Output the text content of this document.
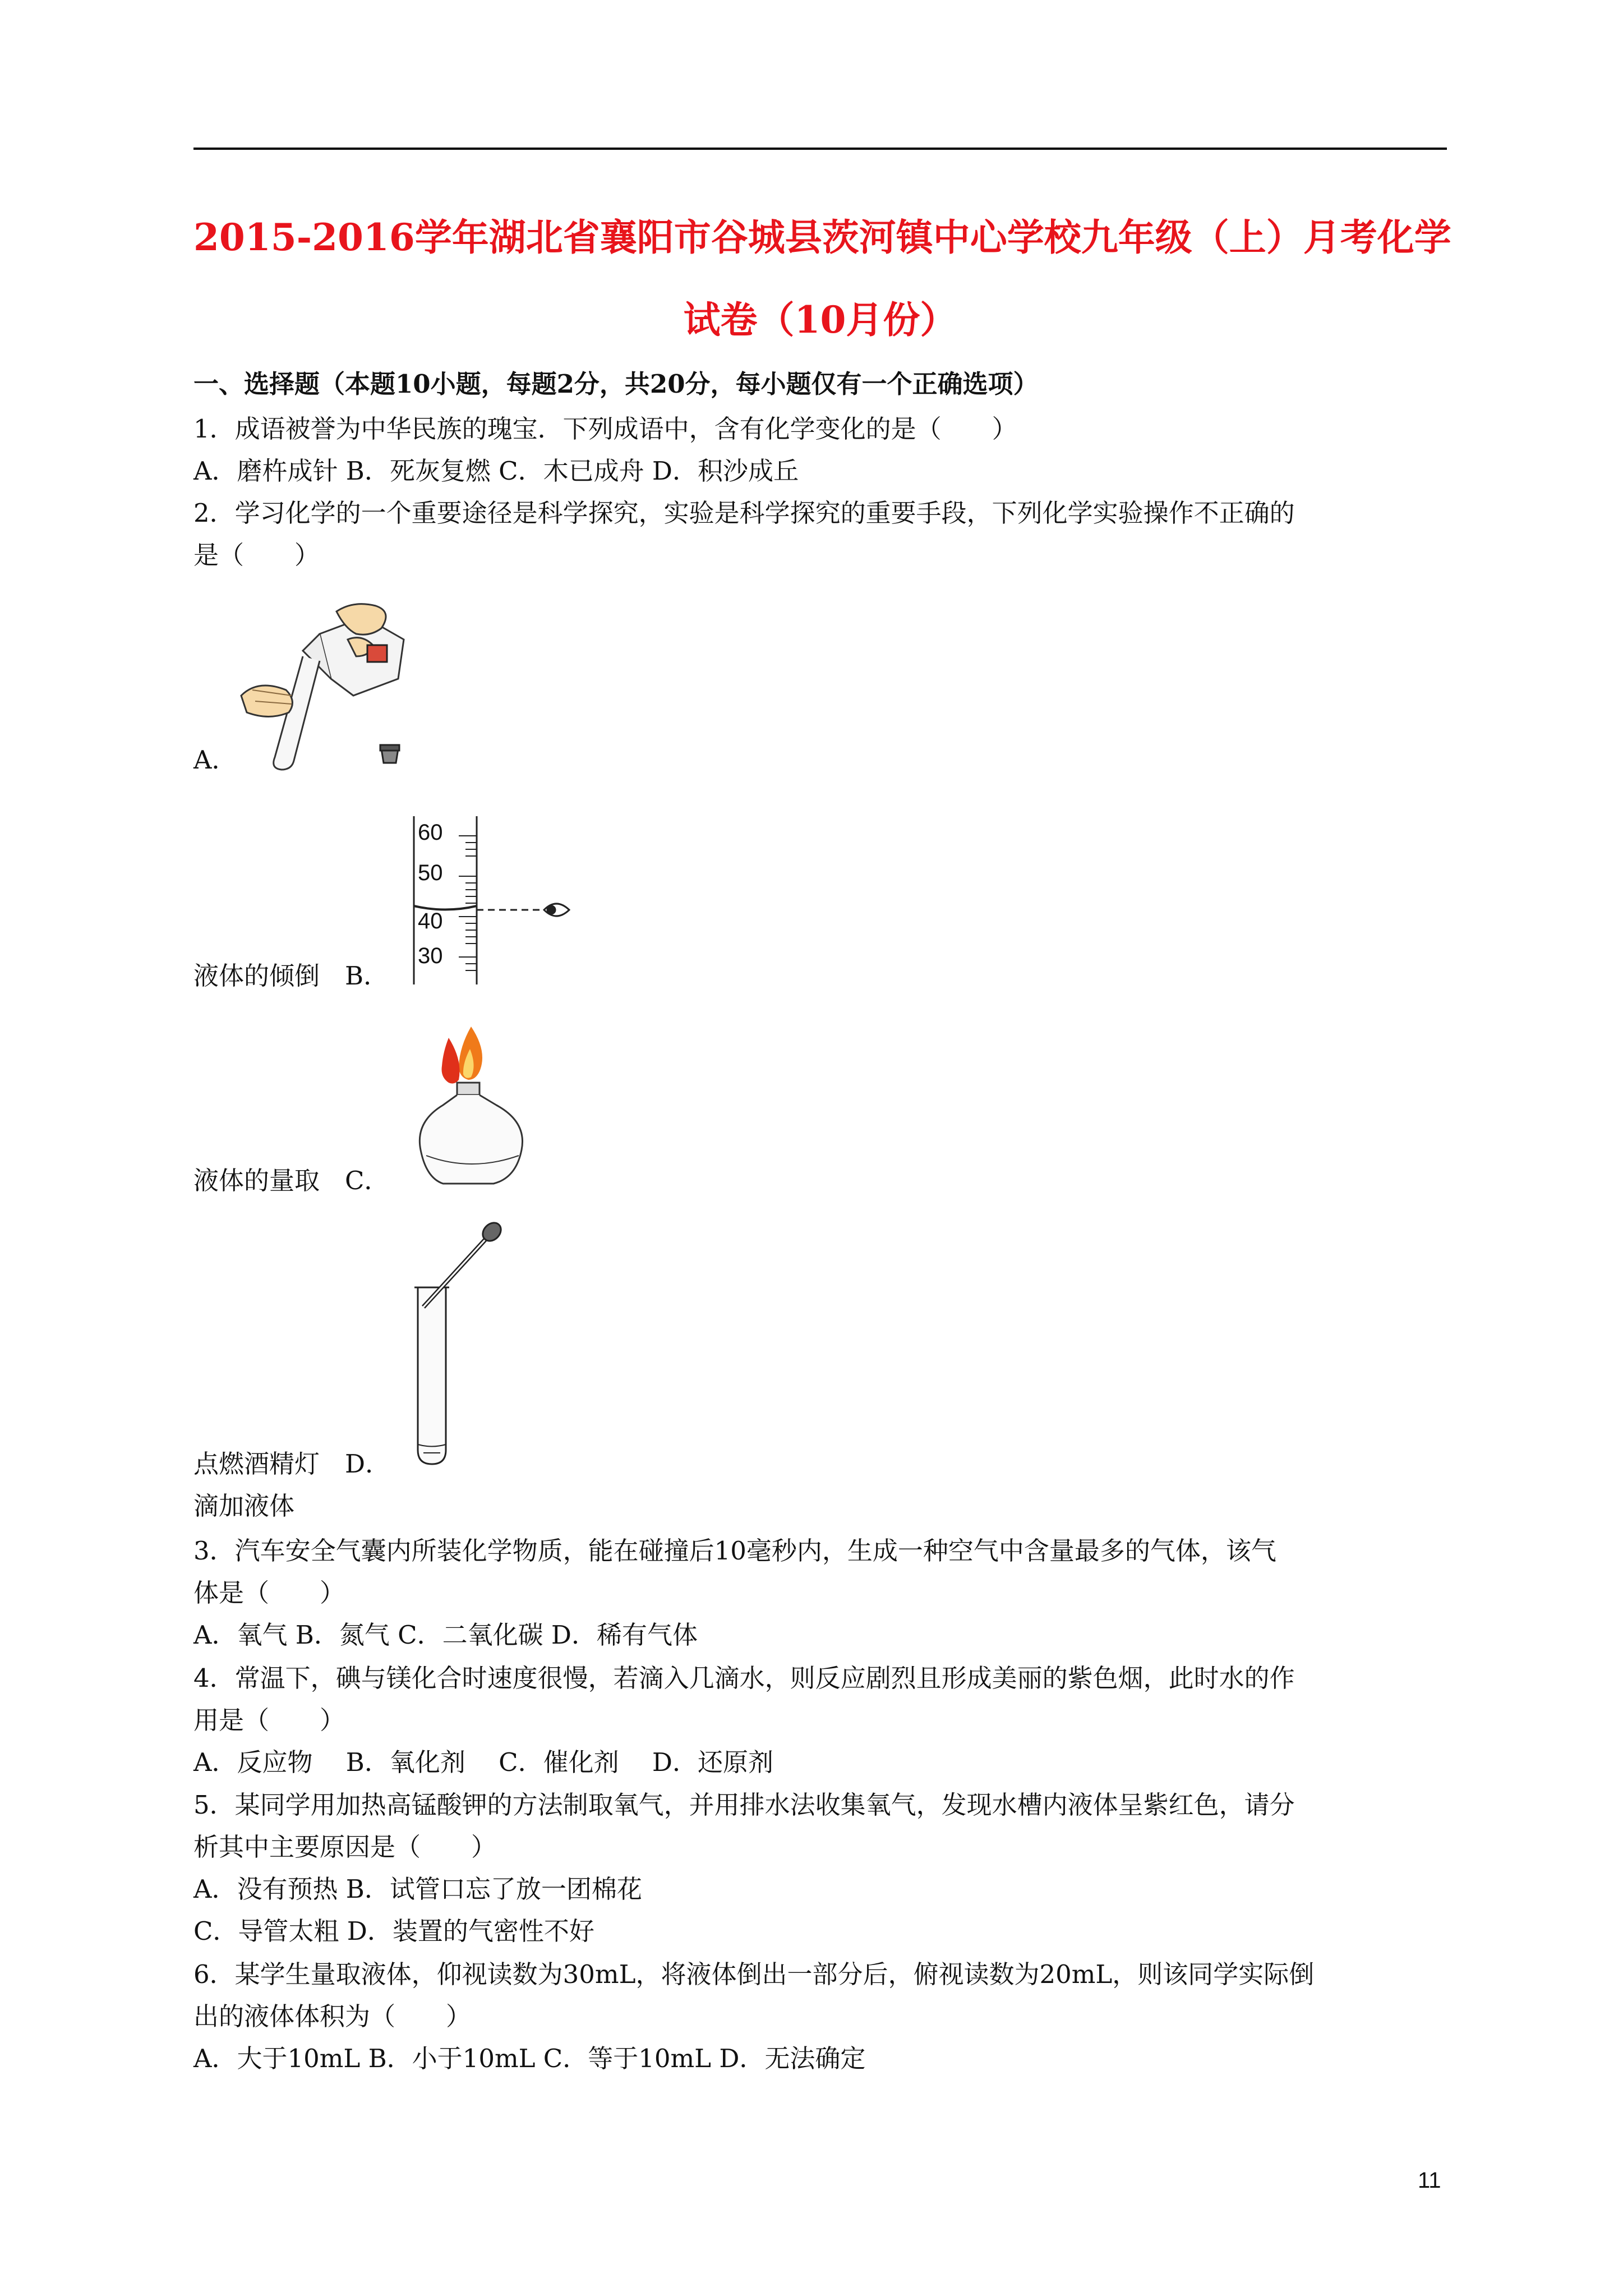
2015-2016学年湖北省襄阳市谷城县茨河镇中心学校九年级（上）月考化学
试卷（10月份）
一、选择题（本题10小题，每题2分，共20分，每小题仅有一个正确选项）
1．成语被誉为中华民族的瑰宝．下列成语中，含有化学变化的是（　　）
A．磨杵成针 B．死灰复燃 C．木已成舟 D．积沙成丘
2．学习化学的一个重要途径是科学探究，实验是科学探究的重要手段，下列化学实验操作不正确的
是（　　）
A．
60
50
40
30
液体的倾倒　B．
液体的量取　C．
点燃酒精灯　D．
滴加液体
3．汽车安全气囊内所装化学物质，能在碰撞后10毫秒内，生成一种空气中含量最多的气体，该气
体是（　　）
A．氧气 B．氮气 C．二氧化碳 D．稀有气体
4．常温下，碘与镁化合时速度很慢，若滴入几滴水，则反应剧烈且形成美丽的紫色烟，此时水的作
用是（　　）
A．反应物　 B．氧化剂　 C．催化剂　 D．还原剂
5．某同学用加热高锰酸钾的方法制取氧气，并用排水法收集氧气，发现水槽内液体呈紫红色，请分
析其中主要原因是（　　）
A．没有预热 B．试管口忘了放一团棉花
C．导管太粗 D．装置的气密性不好
6．某学生量取液体，仰视读数为30mL，将液体倒出一部分后，俯视读数为20mL，则该同学实际倒
出的液体体积为（　　）
A．大于10mL B．小于10mL C．等于10mL D．无法确定
11
